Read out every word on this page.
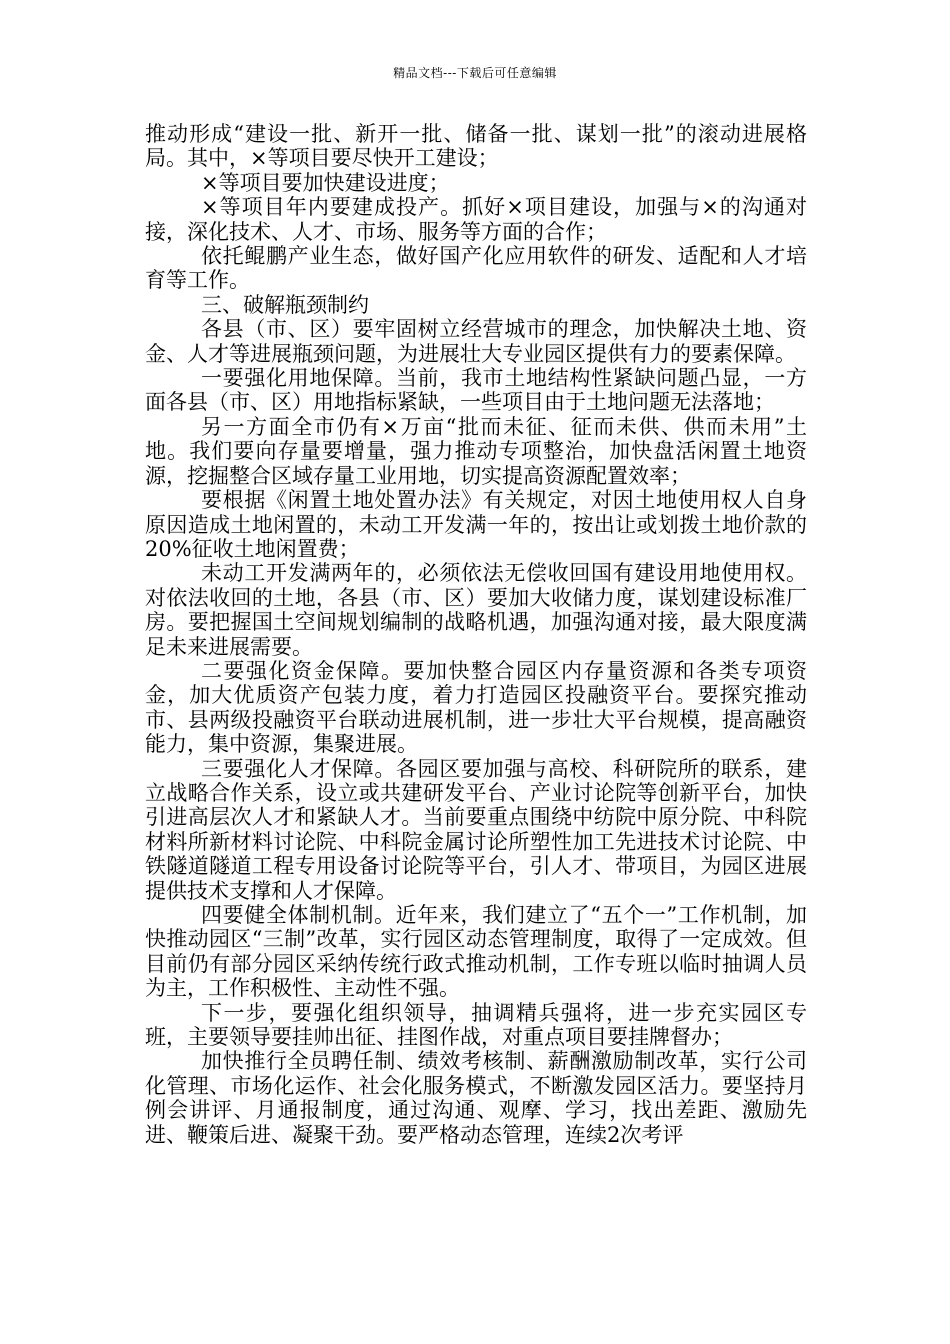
精品文档---下载后可任意编辑

推动形成“建设一批、新开一批、储备一批、谋划一批”的滚动进展格局。其中，×等项目要尽快开工建设；

×等项目要加快建设进度；

×等项目年内要建成投产。抓好×项目建设，加强与×的沟通对接，深化技术、人才、市场、服务等方面的合作；

依托鲲鹏产业生态，做好国产化应用软件的研发、适配和人才培育等工作。

三、破解瓶颈制约

各县（市、区）要牢固树立经营城市的理念，加快解决土地、资金、人才等进展瓶颈问题，为进展壮大专业园区提供有力的要素保障。

一要强化用地保障。当前，我市土地结构性紧缺问题凸显，一方面各县（市、区）用地指标紧缺，一些项目由于土地问题无法落地；

另一方面全市仍有×万亩“批而未征、征而未供、供而未用”土地。我们要向存量要增量，强力推动专项整治，加快盘活闲置土地资源，挖掘整合区域存量工业用地，切实提高资源配置效率；

要根据《闲置土地处置办法》有关规定，对因土地使用权人自身原因造成土地闲置的，未动工开发满一年的，按出让或划拨土地价款的20%征收土地闲置费；

未动工开发满两年的，必须依法无偿收回国有建设用地使用权。对依法收回的土地，各县（市、区）要加大收储力度，谋划建设标准厂房。要把握国土空间规划编制的战略机遇，加强沟通对接，最大限度满足未来进展需要。

二要强化资金保障。要加快整合园区内存量资源和各类专项资金，加大优质资产包装力度，着力打造园区投融资平台。要探究推动市、县两级投融资平台联动进展机制，进一步壮大平台规模，提高融资能力，集中资源，集聚进展。

三要强化人才保障。各园区要加强与高校、科研院所的联系，建立战略合作关系，设立或共建研发平台、产业讨论院等创新平台，加快引进高层次人才和紧缺人才。当前要重点围绕中纺院中原分院、中科院材料所新材料讨论院、中科院金属讨论所塑性加工先进技术讨论院、中铁隧道隧道工程专用设备讨论院等平台，引人才、带项目，为园区进展提供技术支撑和人才保障。

四要健全体制机制。近年来，我们建立了“五个一”工作机制，加快推动园区“三制”改革，实行园区动态管理制度，取得了一定成效。但目前仍有部分园区采纳传统行政式推动机制，工作专班以临时抽调人员为主，工作积极性、主动性不强。

下一步，要强化组织领导，抽调精兵强将，进一步充实园区专班，主要领导要挂帅出征、挂图作战，对重点项目要挂牌督办；

加快推行全员聘任制、绩效考核制、薪酬激励制改革，实行公司化管理、市场化运作、社会化服务模式，不断激发园区活力。要坚持月例会讲评、月通报制度，通过沟通、观摩、学习，找出差距、激励先进、鞭策后进、凝聚干劲。要严格动态管理，连续2次考评
